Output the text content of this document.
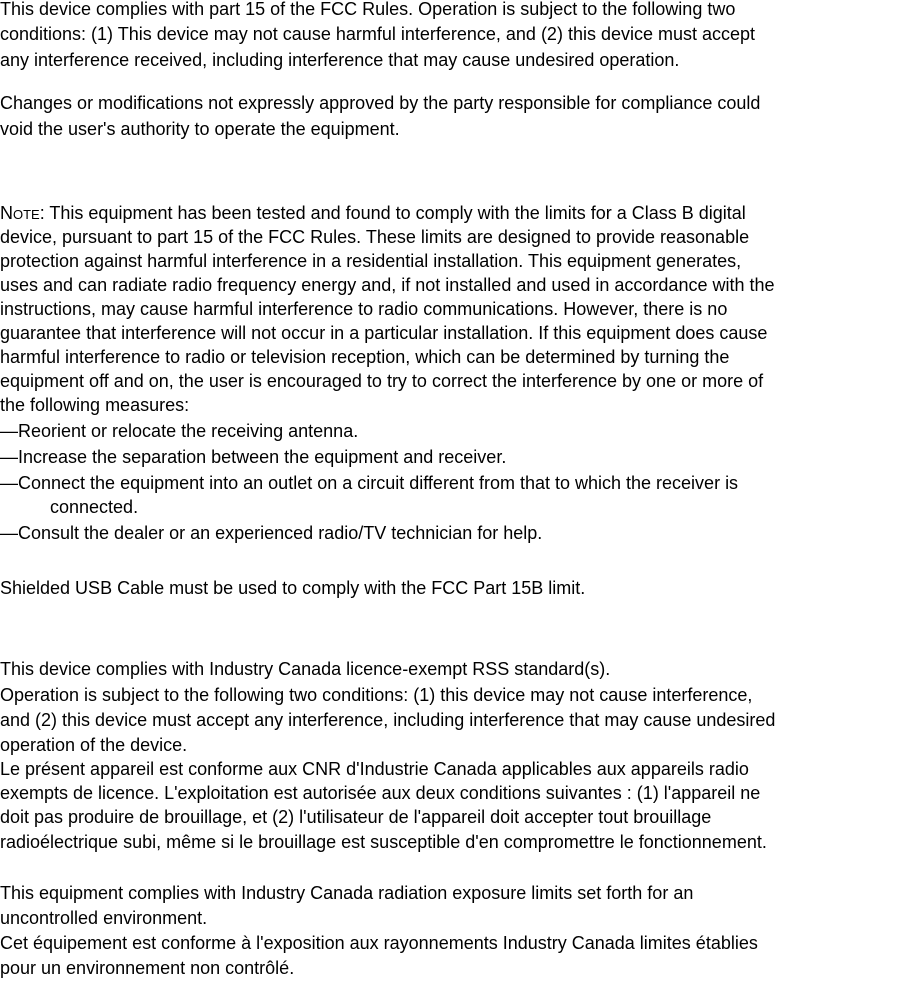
This device complies with part 15 of the FCC Rules. Operation is subject to the following two
conditions: (1) This device may not cause harmful interference, and (2) this device must accept
any interference received, including interference that may cause undesired operation.
Changes or modifications not expressly approved by the party responsible for compliance could
void the user's authority to operate the equipment.
NOTE: This equipment has been tested and found to comply with the limits for a Class B digital
device, pursuant to part 15 of the FCC Rules. These limits are designed to provide reasonable
protection against harmful interference in a residential installation. This equipment generates,
uses and can radiate radio frequency energy and, if not installed and used in accordance with the
instructions, may cause harmful interference to radio communications. However, there is no
guarantee that interference will not occur in a particular installation. If this equipment does cause
harmful interference to radio or television reception, which can be determined by turning the
equipment off and on, the user is encouraged to try to correct the interference by one or more of
the following measures:
—Reorient or relocate the receiving antenna.
—Increase the separation between the equipment and receiver.
—Connect the equipment into an outlet on a circuit different from that to which the receiver is
connected.
—Consult the dealer or an experienced radio/TV technician for help.
Shielded USB Cable must be used to comply with the FCC Part 15B limit.
This device complies with Industry Canada licence-exempt RSS standard(s).
Operation is subject to the following two conditions: (1) this device may not cause interference,
and (2) this device must accept any interference, including interference that may cause undesired
operation of the device.
Le présent appareil est conforme aux CNR d'Industrie Canada applicables aux appareils radio
exempts de licence. L'exploitation est autorisée aux deux conditions suivantes : (1) l'appareil ne
doit pas produire de brouillage, et (2) l'utilisateur de l'appareil doit accepter tout brouillage
radioélectrique subi, même si le brouillage est susceptible d'en compromettre le fonctionnement.
This equipment complies with Industry Canada radiation exposure limits set forth for an
uncontrolled environment.
Cet équipement est conforme à l'exposition aux rayonnements Industry Canada limites établies
pour un environnement non contrôlé.
